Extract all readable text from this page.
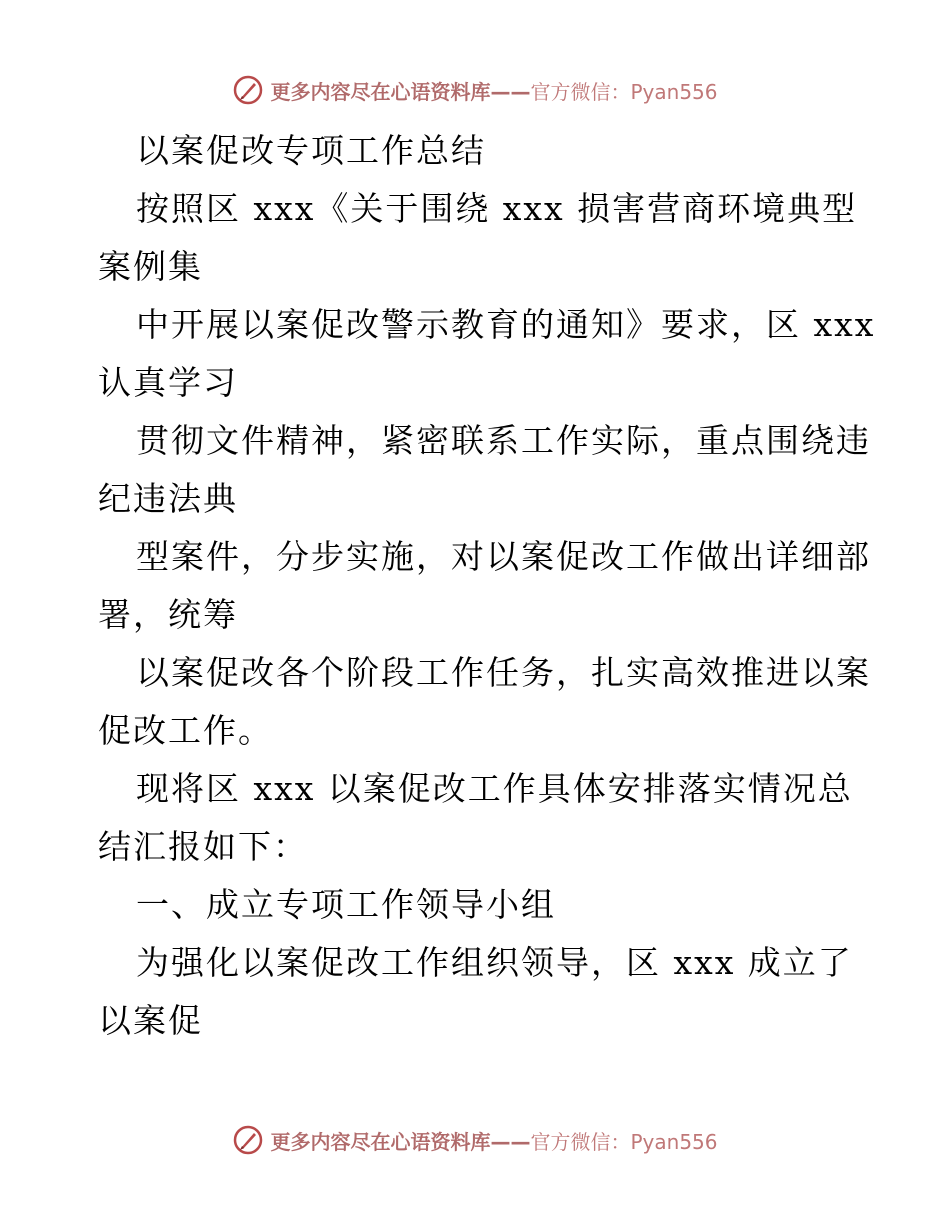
更多内容尽在心语资料库——官方微信：Pyan556
以案促改专项工作总结
按照区 xxx《关于围绕 xxx 损害营商环境典型
案例集
中开展以案促改警示教育的通知》要求，区 xxx
认真学习
贯彻文件精神，紧密联系工作实际，重点围绕违
纪违法典
型案件，分步实施，对以案促改工作做出详细部
署，统筹
以案促改各个阶段工作任务，扎实高效推进以案
促改工作。
现将区 xxx 以案促改工作具体安排落实情况总
结汇报如下：
一、成立专项工作领导小组
为强化以案促改工作组织领导，区 xxx 成立了
以案促
更多内容尽在心语资料库——官方微信：Pyan556
